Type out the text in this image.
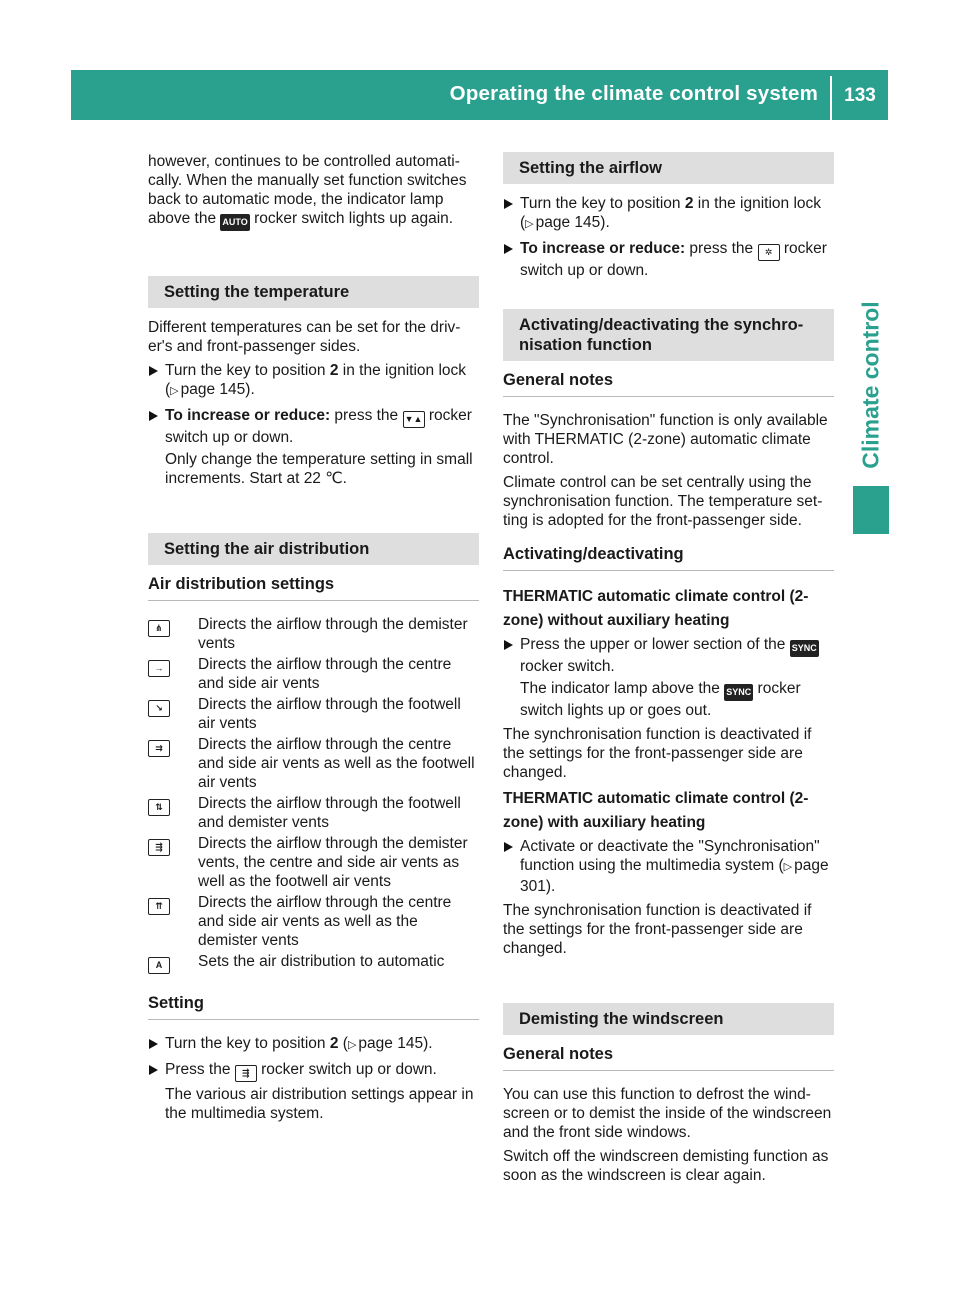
Operating the climate control system	133
Climate control

however, continues to be controlled automati-cally. When the manually set function switches back to automatic mode, the indicator lamp above the AUTO rocker switch lights up again.

Setting the temperature

Different temperatures can be set for the driv-er's and front-passenger sides.

Turn the key to position 2 in the ignition lock ( ▷ page 145).
To increase or reduce: press the ▼▲ rocker switch up or down.
Only change the temperature setting in small increments. Start at 22 ℃.
Setting the air distribution
Air distribution settings
⋔	Directs the airflow through the demister vents
→	Directs the airflow through the centre and side air vents
↘	Directs the airflow through the footwell air vents
⇉	Directs the airflow through the centre and side air vents as well as the footwell air vents
⇅	Directs the airflow through the footwell and demister vents
⇶	Directs the airflow through the demister vents, the centre and side air vents as well as the footwell air vents
⇈	Directs the airflow through the centre and side air vents as well as the demister vents
A	Sets the air distribution to automatic
Setting
Turn the key to position 2 ( ▷ page 145).
Press the ⇶ rocker switch up or down.
The various air distribution settings appear in the multimedia system.
Setting the airflow
Turn the key to position 2 in the ignition lock ( ▷ page 145).
To increase or reduce: press the ✲ rocker switch up or down.
Activating/deactivating the synchro-nisation function
General notes

The "Synchronisation" function is only available with THERMATIC (2-zone) automatic climate control.

Climate control can be set centrally using the synchronisation function. The temperature set-ting is adopted for the front-passenger side.

Activating/deactivating
THERMATIC automatic climate control (2-zone) without auxiliary heating
Press the upper or lower section of the SYNC rocker switch.
The indicator lamp above the SYNC rocker switch lights up or goes out.

The synchronisation function is deactivated if the settings for the front-passenger side are changed.

THERMATIC automatic climate control (2-zone) with auxiliary heating
Activate or deactivate the "Synchronisation" function using the multimedia system ( ▷ page 301).

The synchronisation function is deactivated if the settings for the front-passenger side are changed.

Demisting the windscreen
General notes

You can use this function to defrost the wind-screen or to demist the inside of the windscreen and the front side windows.

Switch off the windscreen demisting function as soon as the windscreen is clear again.
